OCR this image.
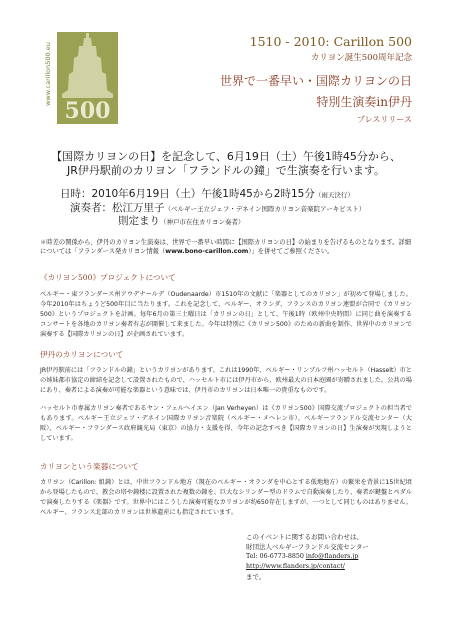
www.carillon500.eu
500
1510 - 2010: Carillon 500
カリヨン誕生500周年記念
世界で一番早い・国際カリヨンの日
特別生演奏in伊丹
プレスリリース
【国際カリヨンの日】を記念して、6月19日（土）午後1時45分から、
JR伊丹駅前のカリヨン「フランドルの鐘」で生演奏を行います。
日時：2010年6月19日（土）午後1時45から2時15分（雨天決行）
演奏者：松江万里子（ベルギー王立ジェフ・デネイン国際カリヨン音楽院アーキビスト）
則定まり（神戸市在住カリヨン奏者）
＊時差の関係から、伊丹のカリヨン生演奏は、世界で一番早い時間に【国際カリヨンの日】の始まりを告げるものとなります。詳細については「フランダース発カリヨン情報（www.bono-carillon.com）」を併せてご参照ください。
《カリヨン500》プロジェクトについて
ベルギー・東フランダース州アウデナールデ（Oudenaarde）市1510年の文献に「楽器としてのカリヨン」が初めて登場しました。今年2010年はちょうど500年目に当たります。これを記念して、ベルギー、オランダ、フランスのカリヨン連盟が合同で《カリヨン500》というプロジェクトを計画。毎年6月の第三土曜日は「カリヨンの日」として、午後1時（欧州中央時間）に同じ曲を演奏するコンサートを各地のカリヨン奏者有志が開催して来ました。今年は特別に《カリヨン500》のための新曲を制作、世界中のカリヨンで演奏する【国際カリヨンの日】が企画されています。
伊丹のカリヨンについて
JR伊丹駅前には「フランドルの鐘」というカリヨンがあります。これは1990年、ベルギー・リンブルフ州ハッセルト（Hasselt）市との姉妹都市協定の締結を記念して設置されたもので、ハッセルト市には伊丹市から、欧州最大の日本庭園が寄贈されました。公共の場にあり、奏者による演奏が可能な楽器という意味では、伊丹市のカリヨンは日本唯一の貴重なものです。
ハッセルト市専属カリヨン奏者であるヤン・フェルヘイエン（Jan Verheyen）は《カリヨン500》国際交流プロジェクトの担当者でもあります。ベルギー王立ジェフ・デネイン国際カリヨン音楽院（ベルギー・メヘレン市）、ベルギーフランドル交流センター（大阪）、ベルギー・フランダース政府観光局（東京）の協力・支援を得、今年の記念すべき【国際カリヨンの日】生演奏が実現しようとしています。
カリヨンという楽器について
カリヨン（Carillon: 組鐘）とは、中世フランドル地方（現在のベルギー・オランダを中心とする低地地方）の繁栄を背景に15世紀頃から登場したもので、教会の塔や鐘楼に設置された複数の鐘を、巨大なシリンダー型のドラムで自動演奏したり、奏者が鍵盤とペダルで演奏したりする《楽器》です。世界中にはこうした演奏可能なカリヨンが約650存在しますが、一つとして同じものはありません。ベルギー、フランス北部のカリヨンは世界遺産にも指定されています。
このイベントに関するお問い合わせは、
財団法人ベルギーフランドル交流センター
Tel: 06-6773-8850 info@flanders.jp
http://www.flanders.jp/contact/
まで。
